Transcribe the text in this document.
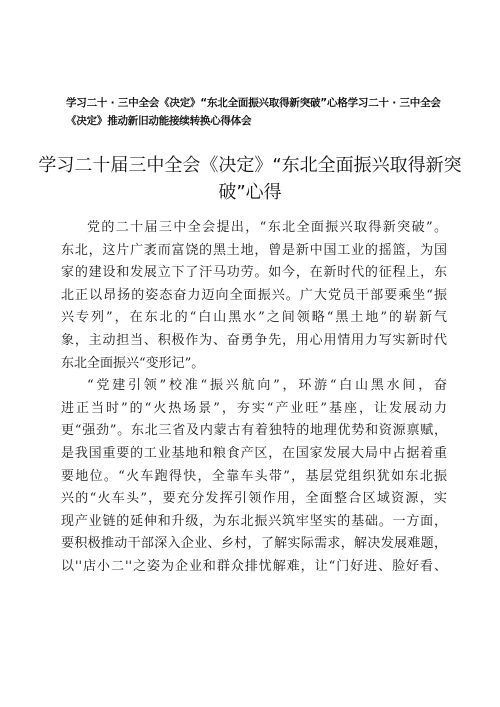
学习二十 · 三中全会《决定》“东北全面振兴取得新突破”心格学习二十 · 三中全会
《决定》推动新旧动能接续转换心得体会
学习二十届三中全会《决定》“东北全面振兴取得新突
破”心得
党的二十届三中全会提出，“东北全面振兴取得新突破”。
东北，这片广袤而富饶的黑土地，曾是新中国工业的摇篮，为国
家的建设和发展立下了汗马功劳。如今，在新时代的征程上，东
北正以昂扬的姿态奋力迈向全面振兴。广大党员干部要乘坐“振
兴专列”，在东北的“白山黑水”之间领略“黑土地”的崭新气
象，主动担当、积极作为、奋勇争先，用心用情用力写实新时代
东北全面振兴“变形记”。
“党建引领”校准“振兴航向”，环游“白山黑水间，奋
进正当时”的“火热场景”，夯实“产业旺”基座，让发展动力
更“强劲”。东北三省及内蒙古有着独特的地理优势和资源禀赋，
是我国重要的工业基地和粮食产区，在国家发展大局中占据着重
要地位。“火车跑得快，全靠车头带”，基层党组织犹如东北振
兴的“火车头”，要充分发挥引领作用，全面整合区域资源，实
现产业链的延伸和升级，为东北振兴筑牢坚实的基础。一方面，
要积极推动干部深入企业、乡村，了解实际需求，解决发展难题，
以''店小二''之姿为企业和群众排忧解难，让“门好进、脸好看、
